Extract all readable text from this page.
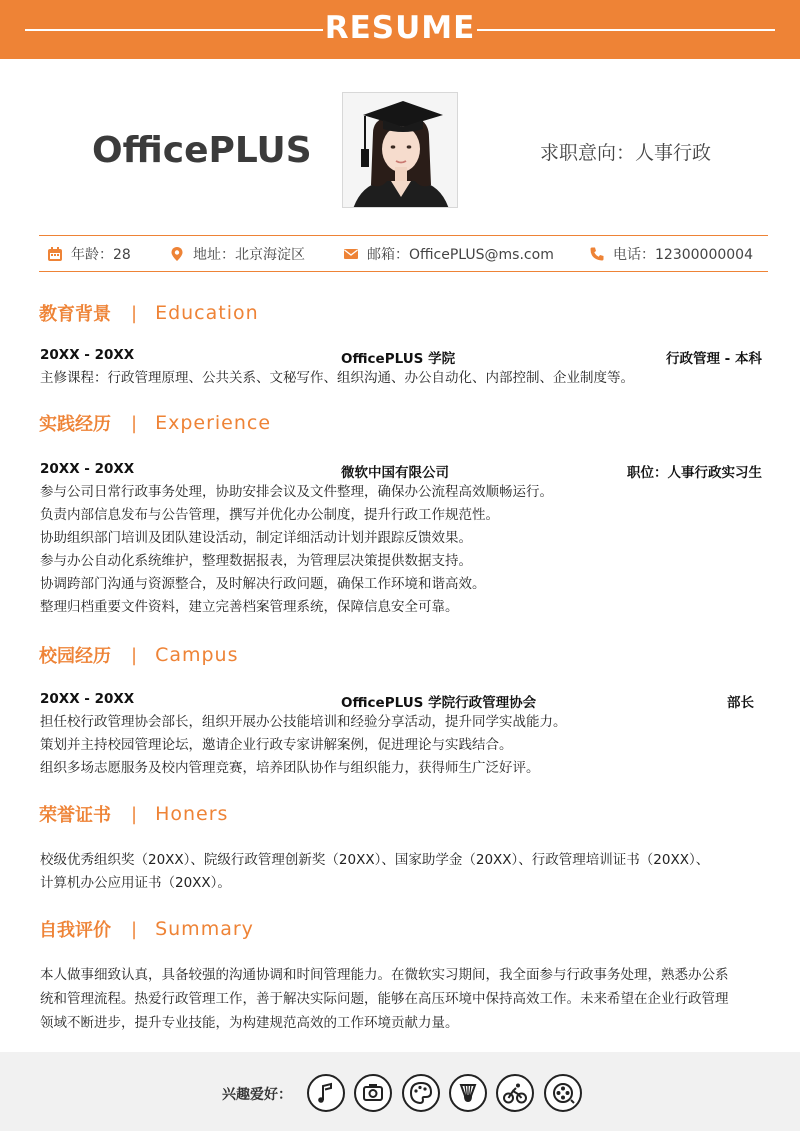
RESUME
OfficePLUS	求职意向：人事行政
年龄：28	地址：北京海淀区	邮箱：OfficePLUS@ms.com	电话：12300000004
教育背景 | Education
20XX - 20XX	OfficePLUS 学院	行政管理 - 本科
主修课程：行政管理原理、公共关系、文秘写作、组织沟通、办公自动化、内部控制、企业制度等。
实践经历 | Experience
20XX - 20XX	微软中国有限公司	职位：人事行政实习生
参与公司日常行政事务处理，协助安排会议及文件整理，确保办公流程高效顺畅运行。
负责内部信息发布与公告管理，撰写并优化办公制度，提升行政工作规范性。
协助组织部门培训及团队建设活动，制定详细活动计划并跟踪反馈效果。
参与办公自动化系统维护，整理数据报表，为管理层决策提供数据支持。
协调跨部门沟通与资源整合，及时解决行政问题，确保工作环境和谐高效。
整理归档重要文件资料，建立完善档案管理系统，保障信息安全可靠。
校园经历 | Campus
20XX - 20XX	OfficePLUS 学院行政管理协会	部长
担任校行政管理协会部长，组织开展办公技能培训和经验分享活动，提升同学实战能力。
策划并主持校园管理论坛，邀请企业行政专家讲解案例，促进理论与实践结合。
组织多场志愿服务及校内管理竞赛，培养团队协作与组织能力，获得师生广泛好评。
荣誉证书 | Honers
校级优秀组织奖（20XX）、院级行政管理创新奖（20XX）、国家助学金（20XX）、行政管理培训证书（20XX）、
计算机办公应用证书（20XX）。
自我评价 | Summary
本人做事细致认真，具备较强的沟通协调和时间管理能力。在微软实习期间，我全面参与行政事务处理，熟悉办公系
统和管理流程。热爱行政管理工作，善于解决实际问题，能够在高压环境中保持高效工作。未来希望在企业行政管理
领域不断进步，提升专业技能，为构建规范高效的工作环境贡献力量。
兴趣爱好：
